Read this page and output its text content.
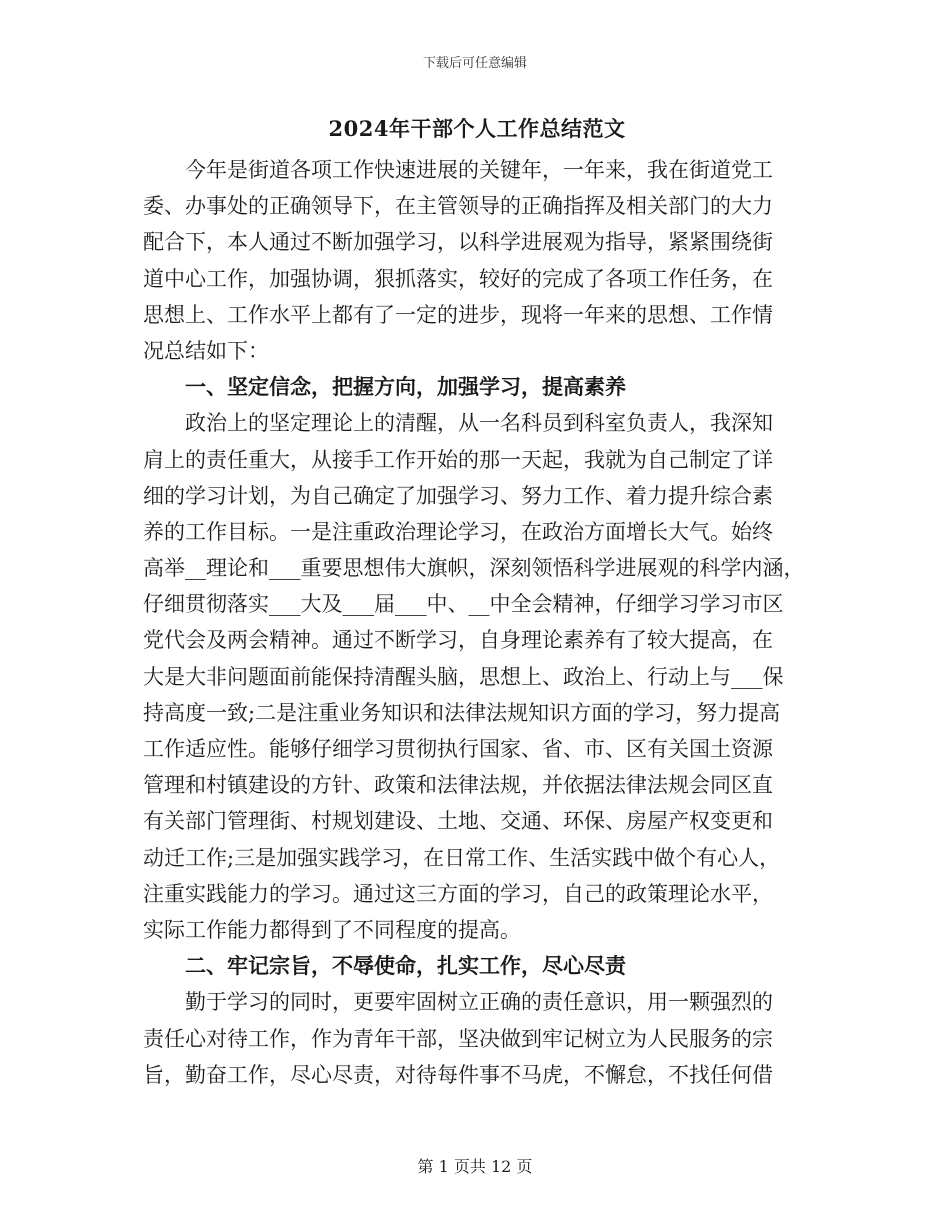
下载后可任意编辑
2024年干部个人工作总结范文
今年是街道各项工作快速进展的关键年，一年来，我在街道党工
委、办事处的正确领导下，在主管领导的正确指挥及相关部门的大力
配合下，本人通过不断加强学习，以科学进展观为指导，紧紧围绕街
道中心工作，加强协调，狠抓落实，较好的完成了各项工作任务，在
思想上、工作水平上都有了一定的进步，现将一年来的思想、工作情
况总结如下：
一、坚定信念，把握方向，加强学习，提高素养
政治上的坚定理论上的清醒，从一名科员到科室负责人，我深知
肩上的责任重大，从接手工作开始的那一天起，我就为自己制定了详
细的学习计划，为自己确定了加强学习、努力工作、着力提升综合素
养的工作目标。一是注重政治理论学习，在政治方面增长大气。始终
高举__理论和___重要思想伟大旗帜，深刻领悟科学进展观的科学内涵，
仔细贯彻落实___大及___届___中、__中全会精神，仔细学习学习市区
党代会及两会精神。通过不断学习，自身理论素养有了较大提高，在
大是大非问题面前能保持清醒头脑，思想上、政治上、行动上与___保
持高度一致;二是注重业务知识和法律法规知识方面的学习，努力提高
工作适应性。能够仔细学习贯彻执行国家、省、市、区有关国土资源
管理和村镇建设的方针、政策和法律法规，并依据法律法规会同区直
有关部门管理街、村规划建设、土地、交通、环保、房屋产权变更和
动迁工作;三是加强实践学习，在日常工作、生活实践中做个有心人，
注重实践能力的学习。通过这三方面的学习，自己的政策理论水平，
实际工作能力都得到了不同程度的提高。
二、牢记宗旨，不辱使命，扎实工作，尽心尽责
勤于学习的同时，更要牢固树立正确的责任意识，用一颗强烈的
责任心对待工作，作为青年干部，坚决做到牢记树立为人民服务的宗
旨，勤奋工作，尽心尽责，对待每件事不马虎，不懈怠，不找任何借
第 1 页共 12 页
